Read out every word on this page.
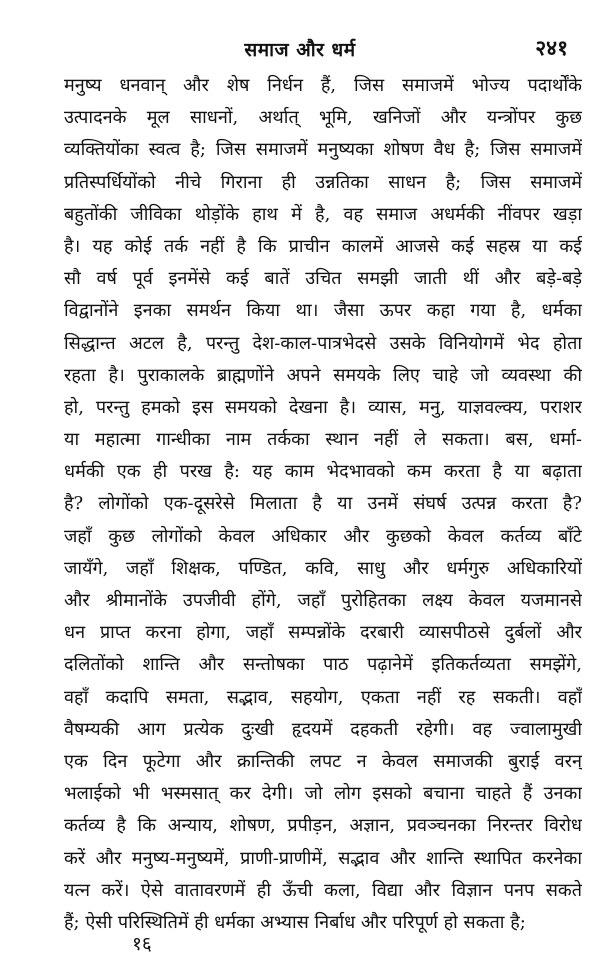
समाज और धर्म	२४१
मनुष्य धनवान् और शेष निर्धन हैं, जिस समाजमें भोज्य पदार्थोंके
उत्पादनके मूल साधनों, अर्थात् भूमि, खनिजों और यन्त्रोंपर कुछ
व्यक्तियोंका स्वत्व है; जिस समाजमें मनुष्यका शोषण वैध है; जिस समाजमें
प्रतिस्पर्धियोंको नीचे गिराना ही उन्नतिका साधन है; जिस समाजमें
बहुतोंकी जीविका थोड़ोंके हाथ में है, वह समाज अधर्मकी नींवपर खड़ा
है। यह कोई तर्क नहीं है कि प्राचीन कालमें आजसे कई सहस्र या कई
सौ वर्ष पूर्व इनमेंसे कई बातें उचित समझी जाती थीं और बड़े-बड़े
विद्वानोंने इनका समर्थन किया था। जैसा ऊपर कहा गया है, धर्मका
सिद्धान्त अटल है, परन्तु देश-काल-पात्रभेदसे उसके विनियोगमें भेद होता
रहता है। पुराकालके ब्राह्मणोंने अपने समयके लिए चाहे जो व्यवस्था की
हो, परन्तु हमको इस समयको देखना है। व्यास, मनु, याज्ञवल्क्य, पराशर
या महात्मा गान्धीका नाम तर्कका स्थान नहीं ले सकता। बस, धर्मा-
धर्मकी एक ही परख है: यह काम भेदभावको कम करता है या बढ़ाता
है? लोगोंको एक-दूसरेसे मिलाता है या उनमें संघर्ष उत्पन्न करता है?
जहाँ कुछ लोगोंको केवल अधिकार और कुछको केवल कर्तव्य बाँटे
जायँगे, जहाँ शिक्षक, पण्डित, कवि, साधु और धर्मगुरु अधिकारियों
और श्रीमानोंके उपजीवी होंगे, जहाँ पुरोहितका लक्ष्य केवल यजमानसे
धन प्राप्त करना होगा, जहाँ सम्पन्नोंके दरबारी व्यासपीठसे दुर्बलों और
दलितोंको शान्ति और सन्तोषका पाठ पढ़ानेमें इतिकर्तव्यता समझेंगे,
वहाँ कदापि समता, सद्भाव, सहयोग, एकता नहीं रह सकती। वहाँ
वैषम्यकी आग प्रत्येक दुःखी हृदयमें दहकती रहेगी। वह ज्वालामुखी
एक दिन फूटेगा और क्रान्तिकी लपट न केवल समाजकी बुराई वरन्
भलाईको भी भस्मसात् कर देगी। जो लोग इसको बचाना चाहते हैं उनका
कर्तव्य है कि अन्याय, शोषण, प्रपीड़न, अज्ञान, प्रवञ्चनका निरन्तर विरोध
करें और मनुष्य-मनुष्यमें, प्राणी-प्राणीमें, सद्भाव और शान्ति स्थापित करनेका
यत्न करें। ऐसे वातावरणमें ही ऊँची कला, विद्या और विज्ञान पनप सकते
हैं; ऐसी परिस्थितिमें ही धर्मका अभ्यास निर्बाध और परिपूर्ण हो सकता है;
१६
